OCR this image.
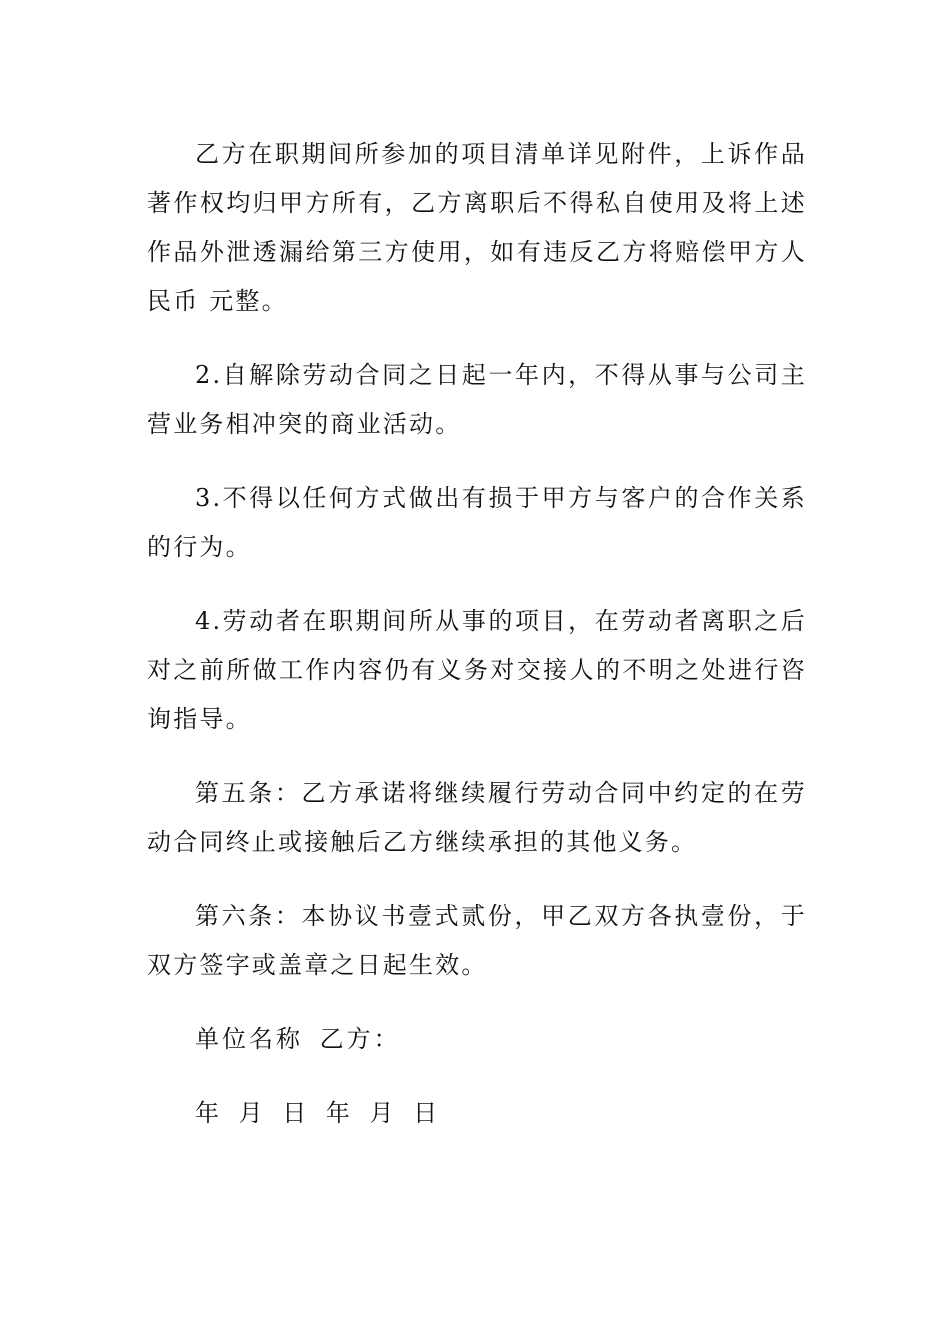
乙方在职期间所参加的项目清单详见附件，上诉作品著作权均归甲方所有，乙方离职后不得私自使用及将上述作品外泄透漏给第三方使用，如有违反乙方将赔偿甲方人民币 元整。

2.自解除劳动合同之日起一年内，不得从事与公司主营业务相冲突的商业活动。

3.不得以任何方式做出有损于甲方与客户的合作关系的行为。

4.劳动者在职期间所从事的项目，在劳动者离职之后对之前所做工作内容仍有义务对交接人的不明之处进行咨询指导。

第五条：乙方承诺将继续履行劳动合同中约定的在劳动合同终止或接触后乙方继续承担的其他义务。

第六条：本协议书壹式贰份，甲乙双方各执壹份，于双方签字或盖章之日起生效。

单位名称 乙方：

年 月 日 年 月 日
